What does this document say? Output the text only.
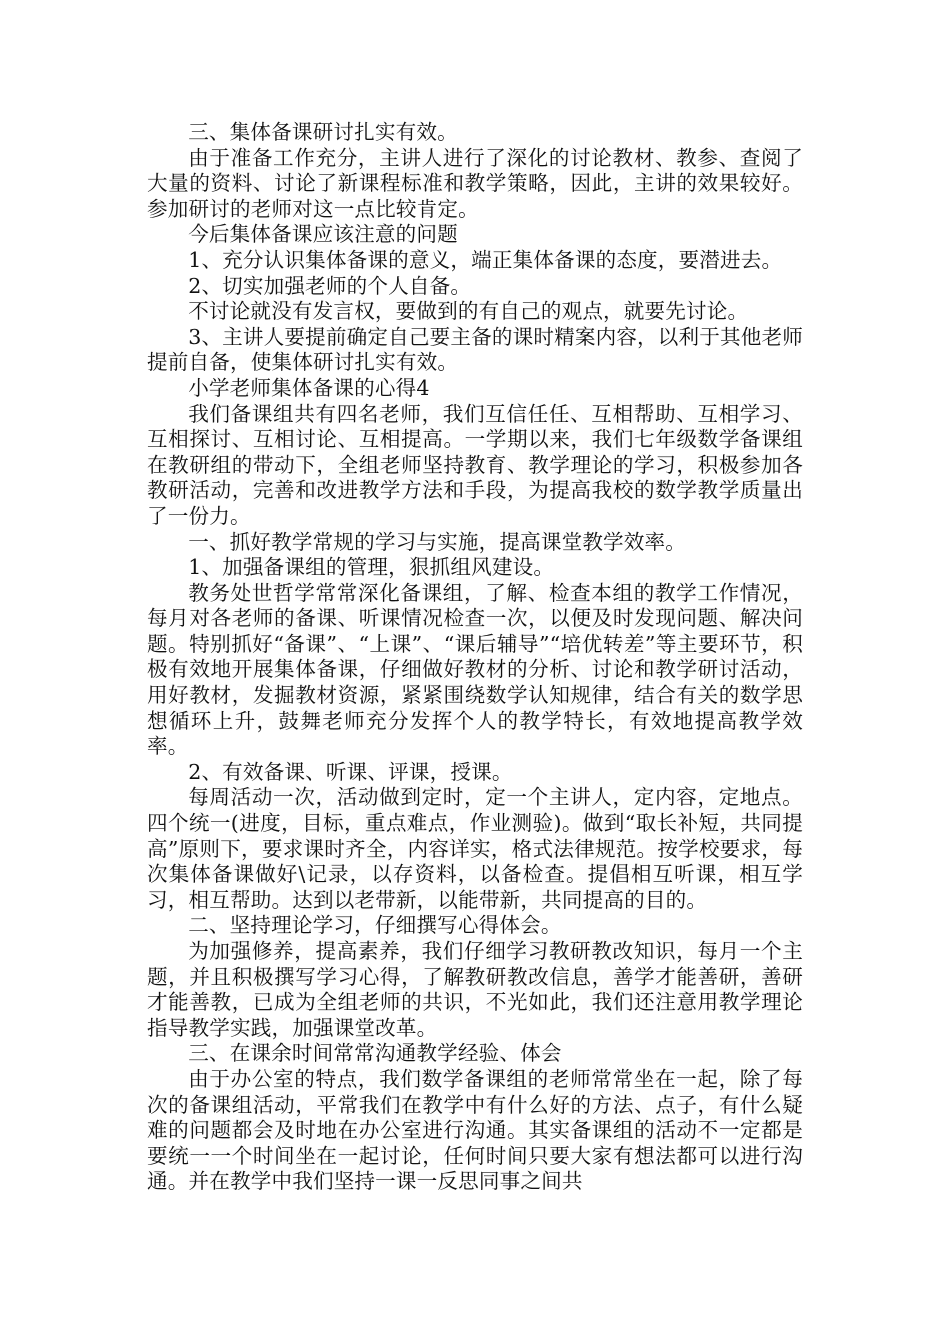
三、集体备课研讨扎实有效。

由于准备工作充分，主讲人进行了深化的讨论教材、教参、查阅了大量的资料、讨论了新课程标准和教学策略，因此，主讲的效果较好。参加研讨的老师对这一点比较肯定。

今后集体备课应该注意的问题

1、充分认识集体备课的意义，端正集体备课的态度，要潜进去。

2、切实加强老师的个人自备。

不讨论就没有发言权，要做到的有自己的观点，就要先讨论。

3、主讲人要提前确定自己要主备的课时精案内容，以利于其他老师提前自备，使集体研讨扎实有效。

小学老师集体备课的心得4

我们备课组共有四名老师，我们互信任任、互相帮助、互相学习、互相探讨、互相讨论、互相提高。一学期以来，我们七年级数学备课组在教研组的带动下，全组老师坚持教育、教学理论的学习，积极参加各教研活动，完善和改进教学方法和手段，为提高我校的数学教学质量出了一份力。

一、抓好教学常规的学习与实施，提高课堂教学效率。

1、加强备课组的管理，狠抓组风建设。

教务处世哲学常常深化备课组，了解、检查本组的教学工作情况，每月对各老师的备课、听课情况检查一次，以便及时发现问题、解决问题。特别抓好“备课”、“上课”、“课后辅导”“培优转差”等主要环节，积极有效地开展集体备课，仔细做好教材的分析、讨论和教学研讨活动，用好教材，发掘教材资源，紧紧围绕数学认知规律，结合有关的数学思想循环上升，鼓舞老师充分发挥个人的教学特长，有效地提高教学效率。

2、有效备课、听课、评课，授课。

每周活动一次，活动做到定时，定一个主讲人，定内容，定地点。四个统一(进度，目标，重点难点，作业测验)。做到“取长补短，共同提高”原则下，要求课时齐全，内容详实，格式法律规范。按学校要求，每次集体备课做好\记录，以存资料，以备检查。提倡相互听课，相互学习，相互帮助。达到以老带新，以能带新，共同提高的目的。

二、坚持理论学习，仔细撰写心得体会。

为加强修养，提高素养，我们仔细学习教研教改知识，每月一个主题，并且积极撰写学习心得，了解教研教改信息，善学才能善研，善研才能善教，已成为全组老师的共识，不光如此，我们还注意用教学理论指导教学实践，加强课堂改革。

三、在课余时间常常沟通教学经验、体会

由于办公室的特点，我们数学备课组的老师常常坐在一起，除了每次的备课组活动，平常我们在教学中有什么好的方法、点子，有什么疑难的问题都会及时地在办公室进行沟通。其实备课组的活动不一定都是要统一一个时间坐在一起讨论，任何时间只要大家有想法都可以进行沟通。并在教学中我们坚持一课一反思同事之间共
